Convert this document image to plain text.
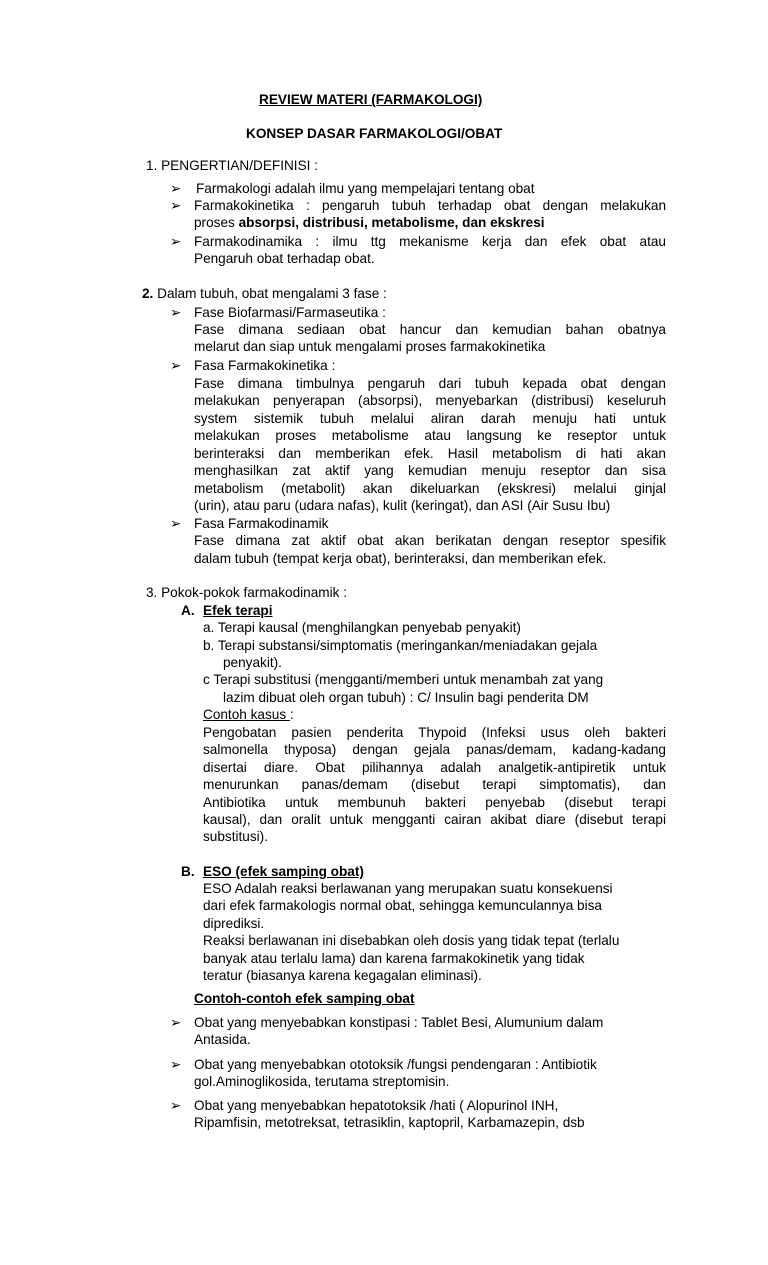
REVIEW MATERI (FARMAKOLOGI)
KONSEP DASAR FARMAKOLOGI/OBAT
1. PENGERTIAN/DEFINISI :
➢ Farmakologi adalah ilmu yang mempelajari tentang obat
➢ Farmakokinetika : pengaruh tubuh terhadap obat dengan melakukan
proses absorpsi, distribusi, metabolisme, dan ekskresi
➢ Farmakodinamika : ilmu ttg mekanisme kerja dan efek obat atau
Pengaruh obat terhadap obat.
2. Dalam tubuh, obat mengalami 3 fase :
➢ Fase Biofarmasi/Farmaseutika :
Fase dimana sediaan obat hancur dan kemudian bahan obatnya
melarut dan siap untuk mengalami proses farmakokinetika
➢ Fasa Farmakokinetika :
Fase dimana timbulnya pengaruh dari tubuh kepada obat dengan
melakukan penyerapan (absorpsi), menyebarkan (distribusi) keseluruh
system sistemik tubuh melalui aliran darah menuju hati untuk
melakukan proses metabolisme atau langsung ke reseptor untuk
berinteraksi dan memberikan efek. Hasil metabolism di hati akan
menghasilkan zat aktif yang kemudian menuju reseptor dan sisa
metabolism (metabolit) akan dikeluarkan (ekskresi) melalui ginjal
(urin), atau paru (udara nafas), kulit (keringat), dan ASI (Air Susu Ibu)
➢ Fasa Farmakodinamik
Fase dimana zat aktif obat akan berikatan dengan reseptor spesifik
dalam tubuh (tempat kerja obat), berinteraksi, dan memberikan efek.
3. Pokok-pokok farmakodinamik :
A. Efek terapi
a. Terapi kausal (menghilangkan penyebab penyakit)
b. Terapi substansi/simptomatis (meringankan/meniadakan gejala
penyakit).
c Terapi substitusi (mengganti/memberi untuk menambah zat yang
lazim dibuat oleh organ tubuh) : C/ Insulin bagi penderita DM
Contoh kasus :
Pengobatan pasien penderita Thypoid (Infeksi usus oleh bakteri
salmonella thyposa) dengan gejala panas/demam, kadang-kadang
disertai diare. Obat pilihannya adalah analgetik-antipiretik untuk
menurunkan panas/demam (disebut terapi simptomatis), dan
Antibiotika untuk membunuh bakteri penyebab (disebut terapi
kausal), dan oralit untuk mengganti cairan akibat diare (disebut terapi
substitusi).
B. ESO (efek samping obat)
ESO Adalah reaksi berlawanan yang merupakan suatu konsekuensi
dari efek farmakologis normal obat, sehingga kemunculannya bisa
diprediksi.
Reaksi berlawanan ini disebabkan oleh dosis yang tidak tepat (terlalu
banyak atau terlalu lama) dan karena farmakokinetik yang tidak
teratur (biasanya karena kegagalan eliminasi).
Contoh-contoh efek samping obat
➢ Obat yang menyebabkan konstipasi : Tablet Besi, Alumunium dalam
Antasida.
➢ Obat yang menyebabkan ototoksik /fungsi pendengaran : Antibiotik
gol.Aminoglikosida, terutama streptomisin.
➢ Obat yang menyebabkan hepatotoksik /hati ( Alopurinol INH,
Ripamfisin, metotreksat, tetrasiklin, kaptopril, Karbamazepin, dsb
